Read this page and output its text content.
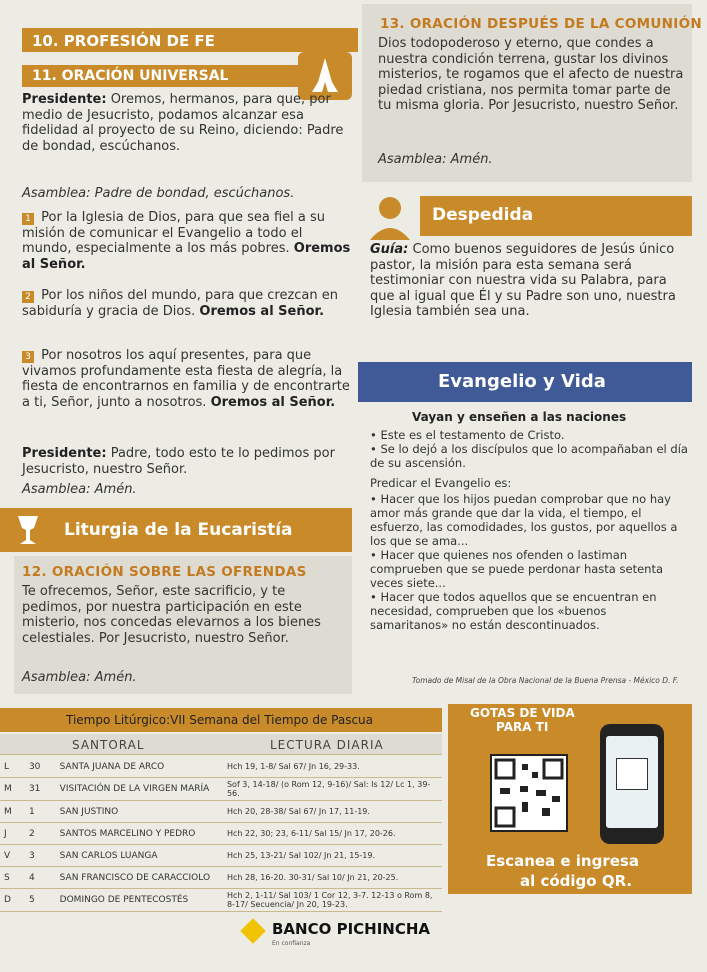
10. PROFESIÓN DE FE
11. ORACIÓN UNIVERSAL
Presidente: Oremos, hermanos, para que, por medio de Jesucristo, podamos alcanzar esa fidelidad al proyecto de su Reino, diciendo: Padre de bondad, escúchanos.
Asamblea: Padre de bondad, escúchanos.
1 Por la Iglesia de Dios, para que sea fiel a su misión de comunicar el Evangelio a todo el mundo, especialmente a los más pobres. Oremos al Señor.
2 Por los niños del mundo, para que crezcan en sabiduría y gracia de Dios. Oremos al Señor.
3 Por nosotros los aquí presentes, para que vivamos profundamente esta fiesta de alegría, la fiesta de encontrarnos en familia y de encontrarte a ti, Señor, junto a nosotros. Oremos al Señor.
Presidente: Padre, todo esto te lo pedimos por Jesucristo, nuestro Señor.
Asamblea: Amén.
Liturgia de la Eucaristía
12. ORACIÓN SOBRE LAS OFRENDAS
Te ofrecemos, Señor, este sacrificio, y te pedimos, por nuestra participación en este misterio, nos concedas elevarnos a los bienes celestiales. Por Jesucristo, nuestro Señor.
Asamblea: Amén.
13. ORACIÓN DESPUÉS DE LA COMUNIÓN
Dios todopoderoso y eterno, que condes a nuestra condición terrena, gustar los divinos misterios, te rogamos que el afecto de nuestra piedad cristiana, nos permita tomar parte de tu misma gloria. Por Jesucristo, nuestro Señor.
Asamblea: Amén.
Despedida
Guía: Como buenos seguidores de Jesús único pastor, la misión para esta semana será testimoniar con nuestra vida su Palabra, para que al igual que Él y su Padre son uno, nuestra Iglesia también sea una.
Evangelio y Vida
Vayan y enseñen a las naciones
• Este es el testamento de Cristo.
• Se lo dejó a los discípulos que lo acompañaban el día de su ascensión.
Predicar el Evangelio es:
• Hacer que los hijos puedan comprobar que no hay amor más grande que dar la vida, el tiempo, el esfuerzo, las comodidades, los gustos, por aquellos a los que se ama...
• Hacer que quienes nos ofenden o lastiman comprueben que se puede perdonar hasta setenta veces siete...
• Hacer que todos aquellos que se encuentran en necesidad, comprueben que los «buenos samaritanos» no están descontinuados.
Tomado de Misal de la Obra Nacional de la Buena Prensa - México D. F.
Tiempo Litúrgico:VII Semana del Tiempo de Pascua
SANTORAL	LECTURA DIARIA
L	30	SANTA JUANA DE ARCO	Hch 19, 1-8/ Sal 67/ Jn 16, 29-33.
M	31	VISITACIÓN DE LA VIRGEN MARÍA	Sof 3, 14-18/ (o Rom 12, 9-16)/ Sal: Is 12/ Lc 1, 39-56.
M	1	SAN JUSTINO	Hch 20, 28-38/ Sal 67/ Jn 17, 11-19.
J	2	SANTOS MARCELINO Y PEDRO	Hch 22, 30; 23, 6-11/ Sal 15/ Jn 17, 20-26.
V	3	SAN CARLOS LUANGA	Hch 25, 13-21/ Sal 102/ Jn 21, 15-19.
S	4	SAN FRANCISCO DE CARACCIOLO	Hch 28, 16-20. 30-31/ Sal 10/ Jn 21, 20-25.
D	5	DOMINGO DE PENTECOSTÉS	Hch 2, 1-11/ Sal 103/ 1 Cor 12, 3-7. 12-13 o Rom 8, 8-17/ Secuencia/ Jn 20, 19-23.
GOTAS DE VIDA
PARA TI
Escanea e ingresa
al código QR.
BANCO PICHINCHA
En confianza
